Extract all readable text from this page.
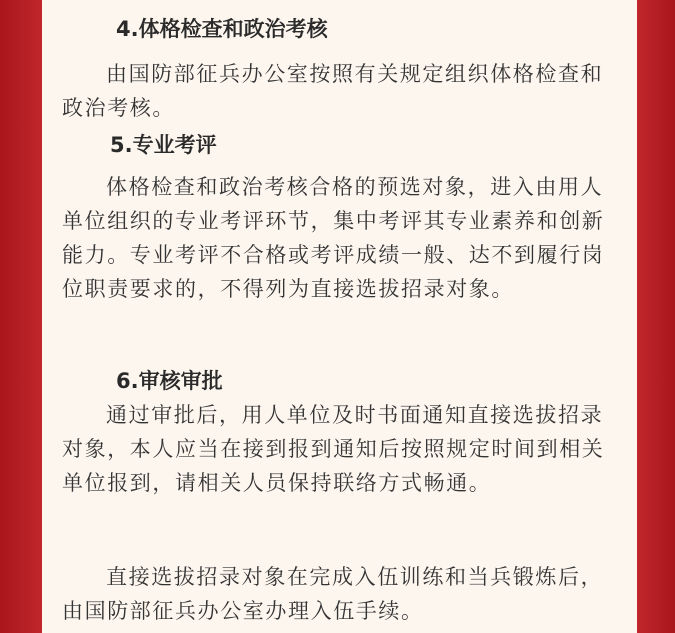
4.体格检查和政治考核

由国防部征兵办公室按照有关规定组织体格检查和政治考核。

5.专业考评

体格检查和政治考核合格的预选对象，进入由用人单位组织的专业考评环节，集中考评其专业素养和创新能力。专业考评不合格或考评成绩一般、达不到履行岗位职责要求的，不得列为直接选拔招录对象。

6.审核审批

通过审批后，用人单位及时书面通知直接选拔招录对象，本人应当在接到报到通知后按照规定时间到相关单位报到，请相关人员保持联络方式畅通。

直接选拔招录对象在完成入伍训练和当兵锻炼后，由国防部征兵办公室办理入伍手续。
